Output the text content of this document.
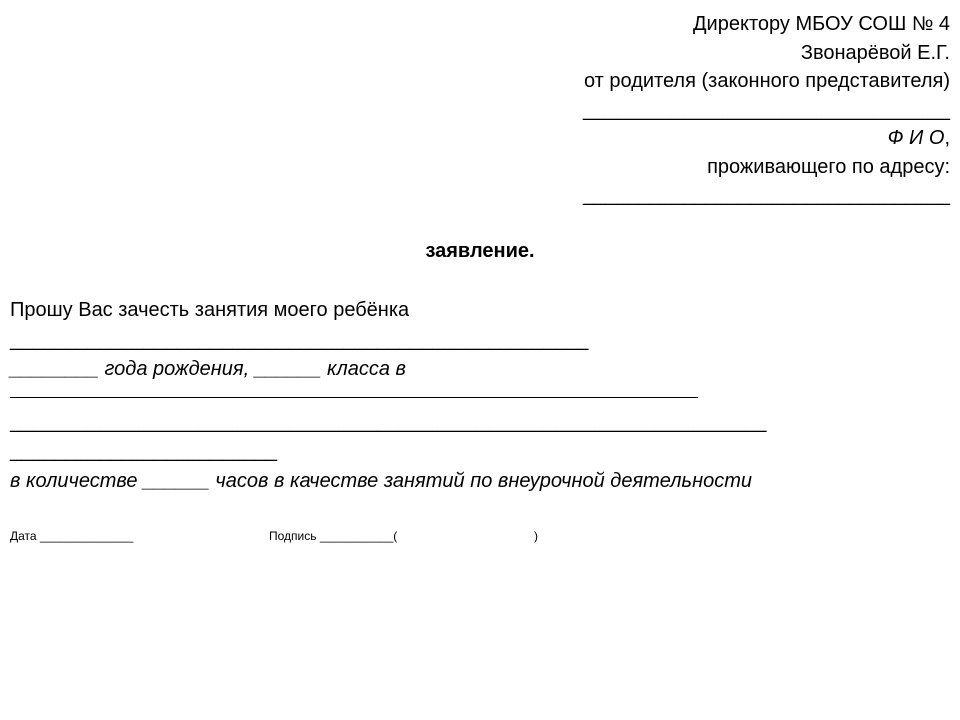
Директору МБОУ СОШ № 4
Звонарёвой Е.Г.
от родителя (законного представителя)
_________________________________
Ф И О,
проживающего по адресу:
_________________________________
заявление.
Прошу Вас зачесть занятия моего ребёнка
____________________________________________________
________ года рождения, ______ класса в
____________________________________________________________________
________________________
в количестве ______ часов в качестве занятий по внеурочной деятельности
Дата ______________	Подпись ___________(	)
